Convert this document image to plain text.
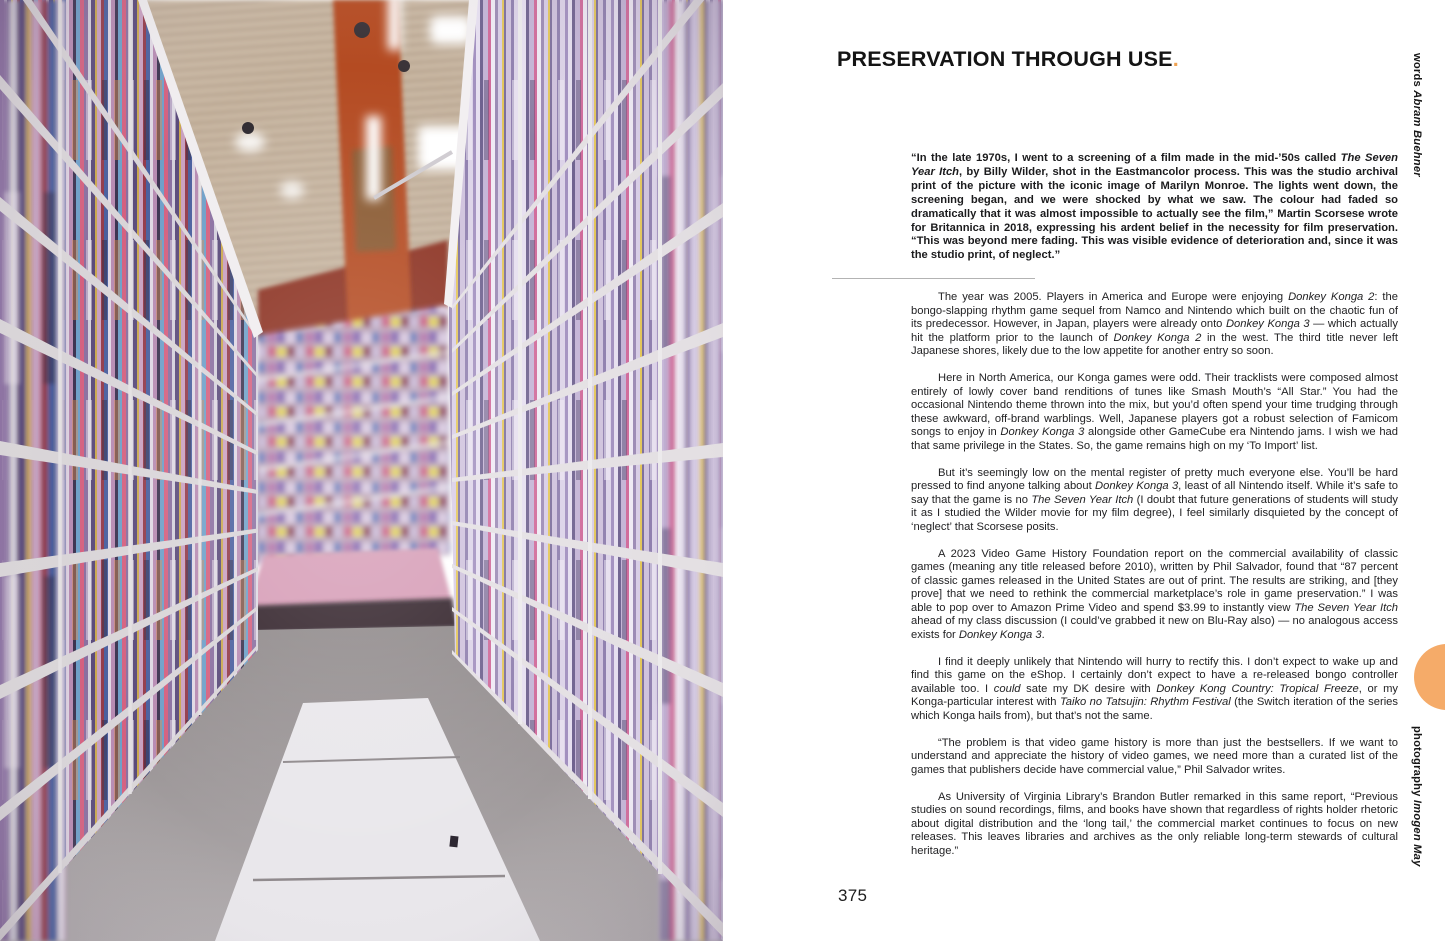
PRESERVATION THROUGH USE.
“In the late 1970s, I went to a screening of a film made in the mid-’50s called The Seven Year Itch, by Billy Wilder, shot in the Eastmancolor process. This was the studio archival print of the picture with the iconic image of Marilyn Monroe. The lights went down, the screening began, and we were shocked by what we saw. The colour had faded so dramatically that it was almost impossible to actually see the film,” Martin Scorsese wrote for Britannica in 2018, expressing his ardent belief in the necessity for film preservation. “This was beyond mere fading. This was visible evidence of deterioration and, since it was the studio print, of neglect.”

The year was 2005. Players in America and Europe were enjoying Donkey Konga 2: the bongo-slapping rhythm game sequel from Namco and Nintendo which built on the chaotic fun of its predecessor. However, in Japan, players were already onto Donkey Konga 3 — which actually hit the platform prior to the launch of Donkey Konga 2 in the west. The third title never left Japanese shores, likely due to the low appetite for another entry so soon.

Here in North America, our Konga games were odd. Their tracklists were composed almost entirely of lowly cover band renditions of tunes like Smash Mouth’s “All Star.” You had the occasional Nintendo theme thrown into the mix, but you’d often spend your time trudging through these awkward, off-brand warblings. Well, Japanese players got a robust selection of Famicom songs to enjoy in Donkey Konga 3 alongside other GameCube era Nintendo jams. I wish we had that same privilege in the States. So, the game remains high on my ‘To Import’ list.

But it’s seemingly low on the mental register of pretty much everyone else. You’ll be hard pressed to find anyone talking about Donkey Konga 3, least of all Nintendo itself. While it’s safe to say that the game is no The Seven Year Itch (I doubt that future generations of students will study it as I studied the Wilder movie for my film degree), I feel similarly disquieted by the concept of ‘neglect’ that Scorsese posits.

A 2023 Video Game History Foundation report on the commercial availability of classic games (meaning any title released before 2010), written by Phil Salvador, found that “87 percent of classic games released in the United States are out of print. The results are striking, and [they prove] that we need to rethink the commercial marketplace’s role in game preservation.” I was able to pop over to Amazon Prime Video and spend $3.99 to instantly view The Seven Year Itch ahead of my class discussion (I could’ve grabbed it new on Blu-Ray also) — no analogous access exists for Donkey Konga 3.

I find it deeply unlikely that Nintendo will hurry to rectify this. I don’t expect to wake up and find this game on the eShop. I certainly don’t expect to have a re-released bongo controller available too. I could sate my DK desire with Donkey Kong Country: Tropical Freeze, or my Konga-particular interest with Taiko no Tatsujin: Rhythm Festival (the Switch iteration of the series which Konga hails from), but that’s not the same.

“The problem is that video game history is more than just the bestsellers. If we want to understand and appreciate the history of video games, we need more than a curated list of the games that publishers decide have commercial value,” Phil Salvador writes.

As University of Virginia Library’s Brandon Butler remarked in this same report, “Previous studies on sound recordings, films, and books have shown that regardless of rights holder rhetoric about digital distribution and the ‘long tail,’ the commercial market continues to focus on new releases. This leaves libraries and archives as the only reliable long-term stewards of cultural heritage.”

words Abram Buehner
photography Imogen May
375
